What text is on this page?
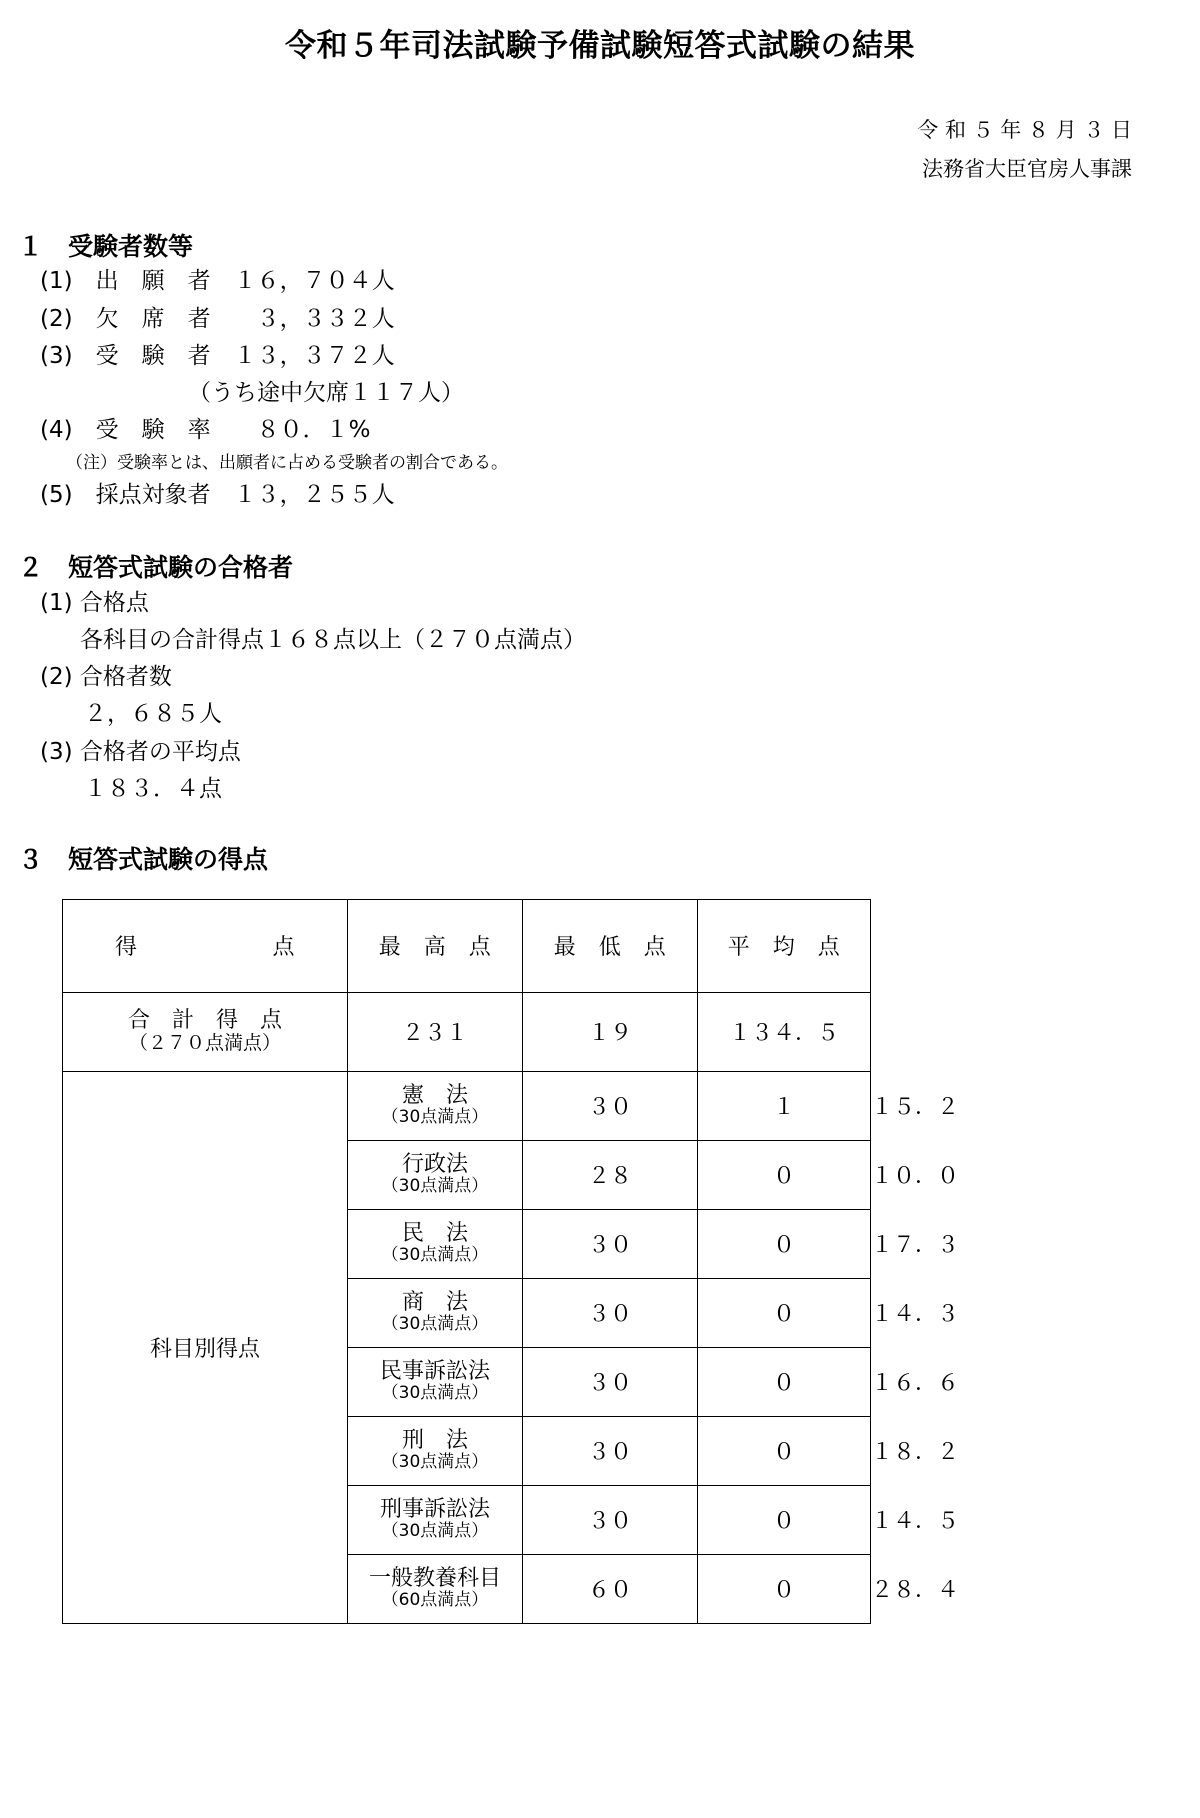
令和５年司法試験予備試験短答式試験の結果
令 和 ５ 年 ８ 月 ３ 日
法務省大臣官房人事課
１　受験者数等
(1)　出　願　者　１６，７０４人
(2)　欠　席　者　　３，３３２人
(3)　受　験　者　１３，３７２人
（うち途中欠席１１７人）
(4)　受　験　率　　８０．１%
（注）受験率とは、出願者に占める受験者の割合である。
(5)　採点対象者　１３，２５５人
２　短答式試験の合格者
(1) 合格点
各科目の合計得点１６８点以上（２７０点満点）
(2) 合格者数
２，６８５人
(3) 合格者の平均点
１８３．４点
３　短答式試験の得点
得　　　　　　点	最　高　点	最　低　点	平　均　点	

合　計　得　点
（２７０点満点）	２３１	１９	１３４．５	
科目別得点	憲　法
（30点満点）	３０	１	１５．２

	行政法
（30点満点）	２８	０	１０．０

	民　法
（30点満点）	３０	０	１７．３

	商　法
（30点満点）	３０	０	１４．３

	民事訴訟法
（30点満点）	３０	０	１６．６

	刑　法
（30点満点）	３０	０	１８．２

	刑事訴訟法
（30点満点）	３０	０	１４．５

	一般教養科目
（60点満点）	６０	０	２８．４
